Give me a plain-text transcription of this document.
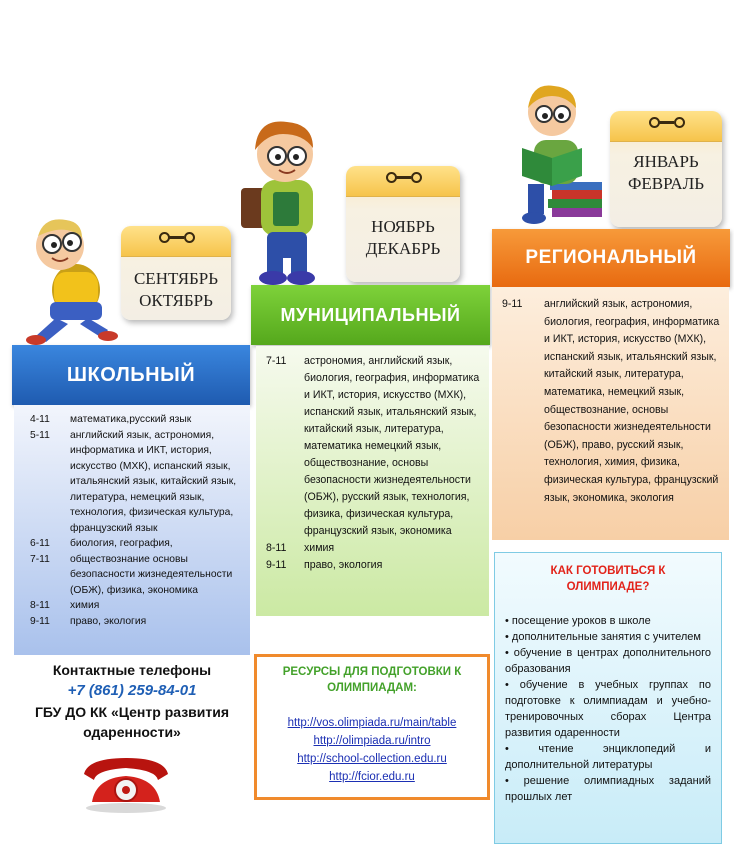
СЕНТЯБРЬ
ОКТЯБРЬ
НОЯБРЬ
ДЕКАБРЬ
ЯНВАРЬ
ФЕВРАЛЬ
ШКОЛЬНЫЙ
МУНИЦИПАЛЬНЫЙ
РЕГИОНАЛЬНЫЙ
4-11	математика,русский язык
5-11	английский язык, астрономия, информатика и ИКТ, история, искусство (МХК), испанский язык, итальянский язык, китайский язык, литература, немецкий язык, технология, физическая культура, французский язык
6-11	биология, география,
7-11	обществознание основы безопасности жизнедеятельности (ОБЖ), физика, экономика
8-11	химия
9-11	право, экология
7-11	астрономия, английский язык, биология, география, информатика и ИКТ, история, искусство (МХК), испанский язык, итальянский язык, китайский язык, литература, математика немецкий язык, обществознание, основы безопасности жизнедеятельности (ОБЖ), русский язык, технология, физика, физическая культура, французский язык, экономика
8-11	химия
9-11	право, экология
9-11	английский язык, астрономия, биология, география, информатика и ИКТ, история, искусство (МХК), испанский язык, итальянский язык, китайский язык, литература, математика, немецкий язык, обществознание, основы безопасности жизнедеятельности (ОБЖ), право, русский язык, технология, химия, физика, физическая культура, французский язык, экономика, экология
Контактные телефоны
+7 (861) 259-84-01
ГБУ ДО КК «Центр развития одаренности»
РЕСУРСЫ ДЛЯ ПОДГОТОВКИ К ОЛИМПИАДАМ:
http://vos.olimpiada.ru/main/table
http://olimpiada.ru/intro
http://school-collection.edu.ru
http://fcior.edu.ru
КАК ГОТОВИТЬСЯ К ОЛИМПИАДЕ?
• посещение уроков в школе
• дополнительные занятия с учителем
• обучение в центрах дополнительного образования
• обучение в учебных группах по подготовке к олимпиадам и учебно-тренировочных сборах Центра развития одаренности
• чтение энциклопедий и дополнительной литературы
• решение олимпиадных заданий прошлых лет
